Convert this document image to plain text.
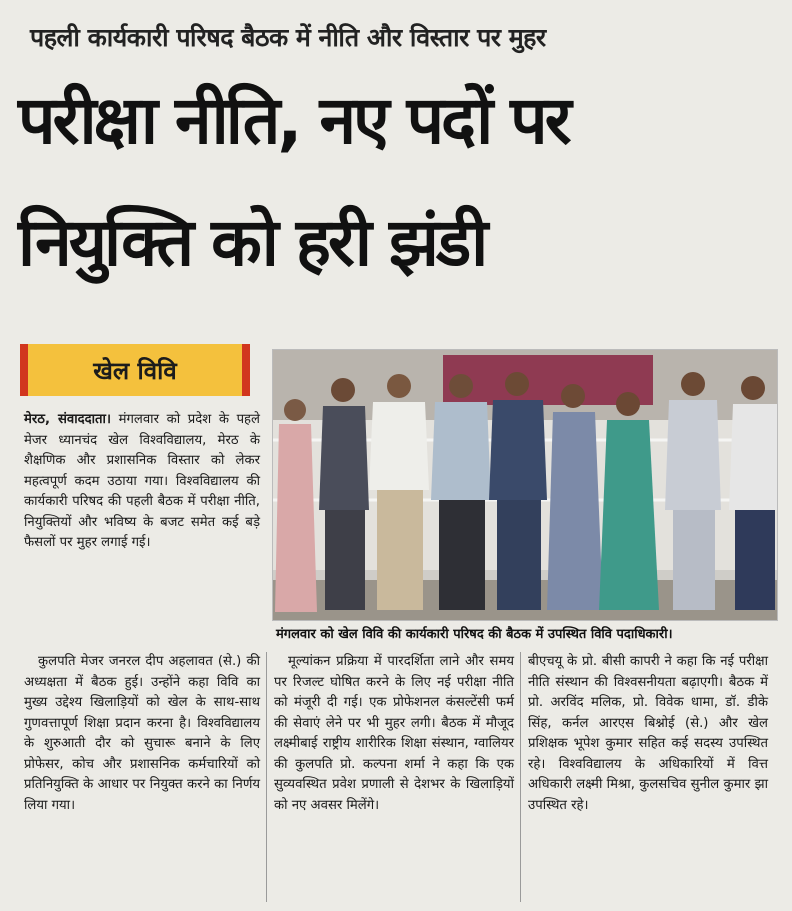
पहली कार्यकारी परिषद बैठक में नीति और विस्तार पर मुहर
परीक्षा नीति, नए पदों पर
नियुक्ति को हरी झंडी
खेल विवि
मंगलवार को खेल विवि की कार्यकारी परिषद की बैठक में उपस्थित विवि पदाधिकारी।

मेरठ, संवाददाता। मंगलवार को प्रदेश के पहले मेजर ध्यानचंद खेल विश्वविद्यालय, मेरठ के शैक्षणिक और प्रशासनिक विस्तार को लेकर महत्वपूर्ण कदम उठाया गया। विश्वविद्यालय की कार्यकारी परिषद की पहली बैठक में परीक्षा नीति, नियुक्तियों और भविष्य के बजट समेत कई बड़े फैसलों पर मुहर लगाई गई।

कुलपति मेजर जनरल दीप अहलावत (से.) की अध्यक्षता में बैठक हुई। उन्होंने कहा विवि का मुख्य उद्देश्य खिलाड़ियों को खेल के साथ-साथ गुणवत्तापूर्ण शिक्षा प्रदान करना है। विश्वविद्यालय के शुरुआती दौर को सुचारू बनाने के लिए प्रोफेसर, कोच और प्रशासनिक कर्मचारियों को प्रतिनियुक्ति के आधार पर नियुक्त करने का निर्णय लिया गया।

मूल्यांकन प्रक्रिया में पारदर्शिता लाने और समय पर रिजल्ट घोषित करने के लिए नई परीक्षा नीति को मंजूरी दी गई। एक प्रोफेशनल कंसल्टेंसी फर्म की सेवाएं लेने पर भी मुहर लगी। बैठक में मौजूद लक्ष्मीबाई राष्ट्रीय शारीरिक शिक्षा संस्थान, ग्वालियर की कुलपति प्रो. कल्पना शर्मा ने कहा कि एक सुव्यवस्थित प्रवेश प्रणाली से देशभर के खिलाड़ियों को नए अवसर मिलेंगे।

बीएचयू के प्रो. बीसी कापरी ने कहा कि नई परीक्षा नीति संस्थान की विश्वसनीयता बढ़ाएगी। बैठक में प्रो. अरविंद मलिक, प्रो. विवेक धामा, डॉ. डीके सिंह, कर्नल आरएस बिश्नोई (से.) और खेल प्रशिक्षक भूपेश कुमार सहित कई सदस्य उपस्थित रहे। विश्वविद्यालय के अधिकारियों में वित्त अधिकारी लक्ष्मी मिश्रा, कुलसचिव सुनील कुमार झा उपस्थित रहे।
